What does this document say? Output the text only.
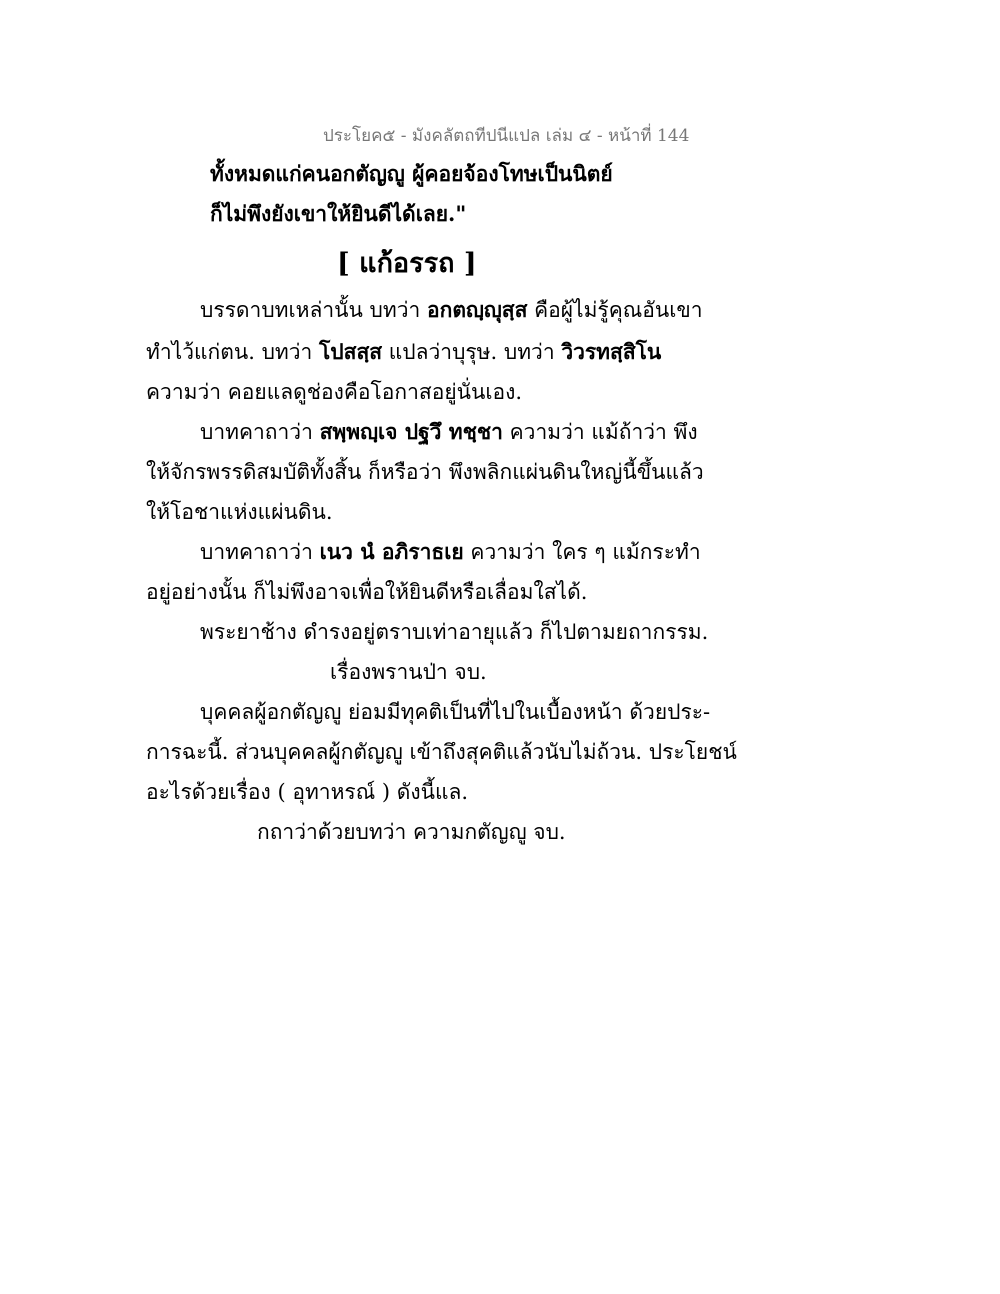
ประโยค๕ - มังคลัตถทีปนีแปล เล่ม ๔ - หน้าที่ 144
ทั้งหมดแก่คนอกตัญญู ผู้คอยจ้องโทษเป็นนิตย์
ก็ไม่พึงยังเขาให้ยินดีได้เลย."
[ แก้อรรถ ]
บรรดาบทเหล่านั้น บทว่า อกตญฺญุสฺส คือผู้ไม่รู้คุณอันเขา
ทำไว้แก่ตน. บทว่า โปสสฺส แปลว่าบุรุษ. บทว่า วิวรทสฺสิโน
ความว่า คอยแลดูช่องคือโอกาสอยู่นั่นเอง.
บาทคาถาว่า สพฺพญฺเจ ปฐวึ ทชฺชา ความว่า แม้ถ้าว่า พึง
ให้จักรพรรดิสมบัติทั้งสิ้น ก็หรือว่า พึงพลิกแผ่นดินใหญ่นี้ขึ้นแล้ว
ให้โอชาแห่งแผ่นดิน.
บาทคาถาว่า เนว นํ อภิราธเย ความว่า ใคร ๆ แม้กระทำ
อยู่อย่างนั้น ก็ไม่พึงอาจเพื่อให้ยินดีหรือเลื่อมใสได้.
พระยาช้าง ดำรงอยู่ตราบเท่าอายุแล้ว ก็ไปตามยถากรรม.
เรื่องพรานป่า จบ.
บุคคลผู้อกตัญญู ย่อมมีทุคติเป็นที่ไปในเบื้องหน้า ด้วยประ-
การฉะนี้. ส่วนบุคคลผู้กตัญญู เข้าถึงสุคติแล้วนับไม่ถ้วน. ประโยชน์
อะไรด้วยเรื่อง ( อุทาหรณ์ ) ดังนี้แล.
กถาว่าด้วยบทว่า ความกตัญญู จบ.
